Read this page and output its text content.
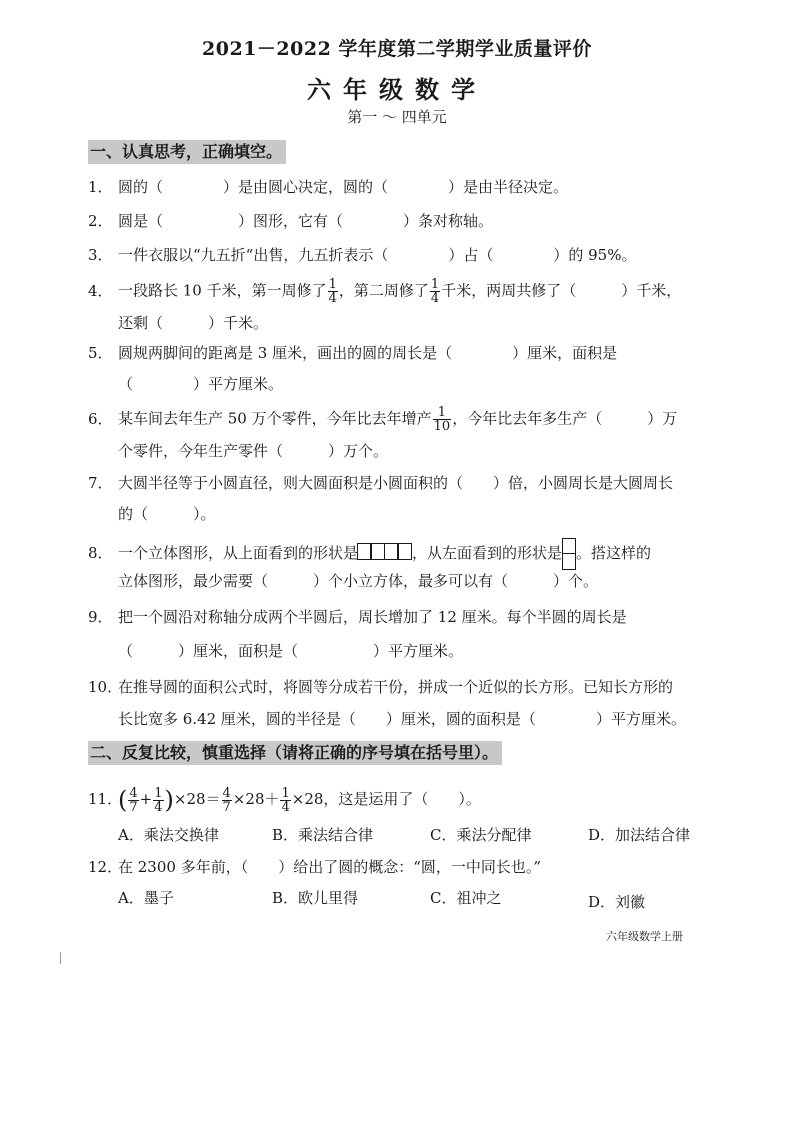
2021－2022 学年度第二学期学业质量评价
六年级数学
第一 ～ 四单元
一、认真思考，正确填空。
1． 圆的（　　　　）是由圆心决定，圆的（　　　　）是由半径决定。
2． 圆是（　　　　　）图形，它有（　　　　）条对称轴。
3． 一件衣服以“九五折“出售，九五折表示（　　　　）占（　　　　）的 95%。
4． 一段路长 10 千米，第一周修了 $\frac{1}{4}$ ，第二周修了 $\frac{1}{4}$ 千米，两周共修了（　　　）千米，
还剩（　　　）千米。
5． 圆规两脚间的距离是 3 厘米，画出的圆的周长是（　　　　）厘米，面积是
（　　　　）平方厘米。
6． 某车间去年生产 50 万个零件，今年比去年增产 $\frac{1}{10}$ ，今年比去年多生产（　　　）万
个零件，今年生产零件（　　　）万个。
7． 大圆半径等于小圆直径，则大圆面积是小圆面积的（　　）倍，小圆周长是大圆周长
的（　　　）。
8． 一个立体图形，从上面看到的形状是	，从左面看到的形状是 。搭这样的
立体图形，最少需要（　　　）个小立方体，最多可以有（　　　）个。
9． 把一个圆沿对称轴分成两个半圆后，周长增加了 12 厘米。每个半圆的周长是
（　　　）厘米，面积是（　　　　　）平方厘米。
10．在推导圆的面积公式时，将圆等分成若干份，拼成一个近似的长方形。已知长方形的
长比宽多 6.42 厘米，圆的半径是（　　）厘米，圆的面积是（　　　　）平方厘米。
二、反复比较，慎重选择（请将正确的序号填在括号里）。
11．( $\frac{4}{7} + \frac{1}{4} )\times 28= \frac{4}{7} \times 28+ \frac{1}{4} \times 28$，这是运用了（　　）。
A．乘法交换律	B．乘法结合律	C．乘法分配律	D．加法结合律
12．在 2300 多年前，（　　）给出了圆的概念：“圆，一中同长也。”
A．墨子	B．欧儿里得	C．祖冲之	D．刘徽
六年级数学上册
